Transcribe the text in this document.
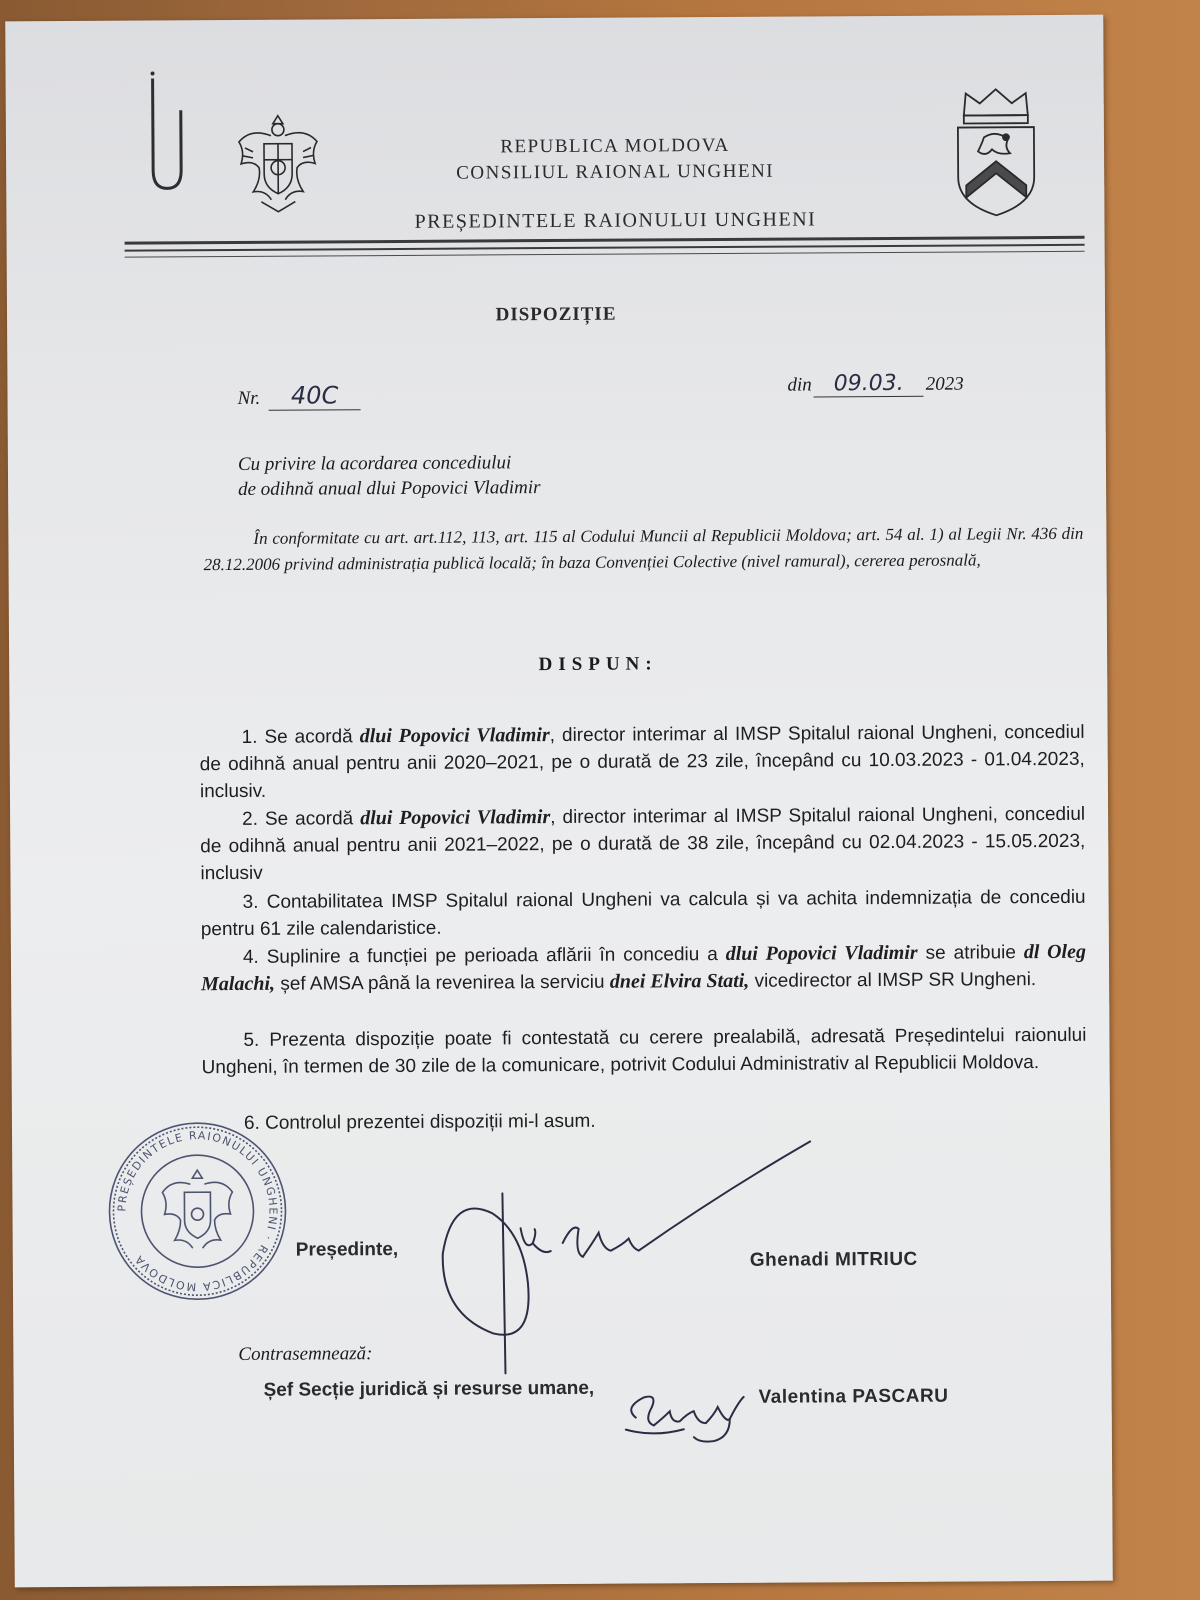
REPUBLICA MOLDOVA
CONSILIUL RAIONAL UNGHENI
PREȘEDINTELE RAIONULUI UNGHENI
DISPOZIȚIE
Nr. 40C	din 09.03. 2023
Cu privire la acordarea concediului
de odihnă anual dlui Popovici Vladimir
În conformitate cu art. art.112, 113, art. 115 al Codului Muncii al Republicii Moldova; art. 54 al. 1) al Legii Nr. 436 din 28.12.2006 privind administrația publică locală; în baza Convenției Colective (nivel ramural), cererea perosnală,
DISPUN:
1. Se acordă dlui Popovici Vladimir, director interimar al IMSP Spitalul raional Ungheni, concediul de odihnă anual pentru anii 2020–2021, pe o durată de 23 zile, începând cu 10.03.2023 - 01.04.2023, inclusiv.
2. Se acordă dlui Popovici Vladimir, director interimar al IMSP Spitalul raional Ungheni, concediul de odihnă anual pentru anii 2021–2022, pe o durată de 38 zile, începând cu 02.04.2023 - 15.05.2023, inclusiv
3. Contabilitatea IMSP Spitalul raional Ungheni va calcula și va achita indemnizația de concediu pentru 61 zile calendaristice.
4. Suplinire a funcției pe perioada aflării în concediu a dlui Popovici Vladimir se atribuie dl Oleg Malachi, șef AMSA până la revenirea la serviciu dnei Elvira Stati, vicedirector al IMSP SR Ungheni.
5. Prezenta dispoziție poate fi contestată cu cerere prealabilă, adresată Președintelui raionului Ungheni, în termen de 30 zile de la comunicare, potrivit Codului Administrativ al Republicii Moldova.
6. Controlul prezentei dispoziții mi-l asum.
PREȘEDINTELE RAIONULUI UNGHENI · REPUBLICA MOLDOVA	Președinte,	Ghenadi MITRIUC
Contrasemnează:
Șef Secție juridică și resurse umane,	Valentina PASCARU
